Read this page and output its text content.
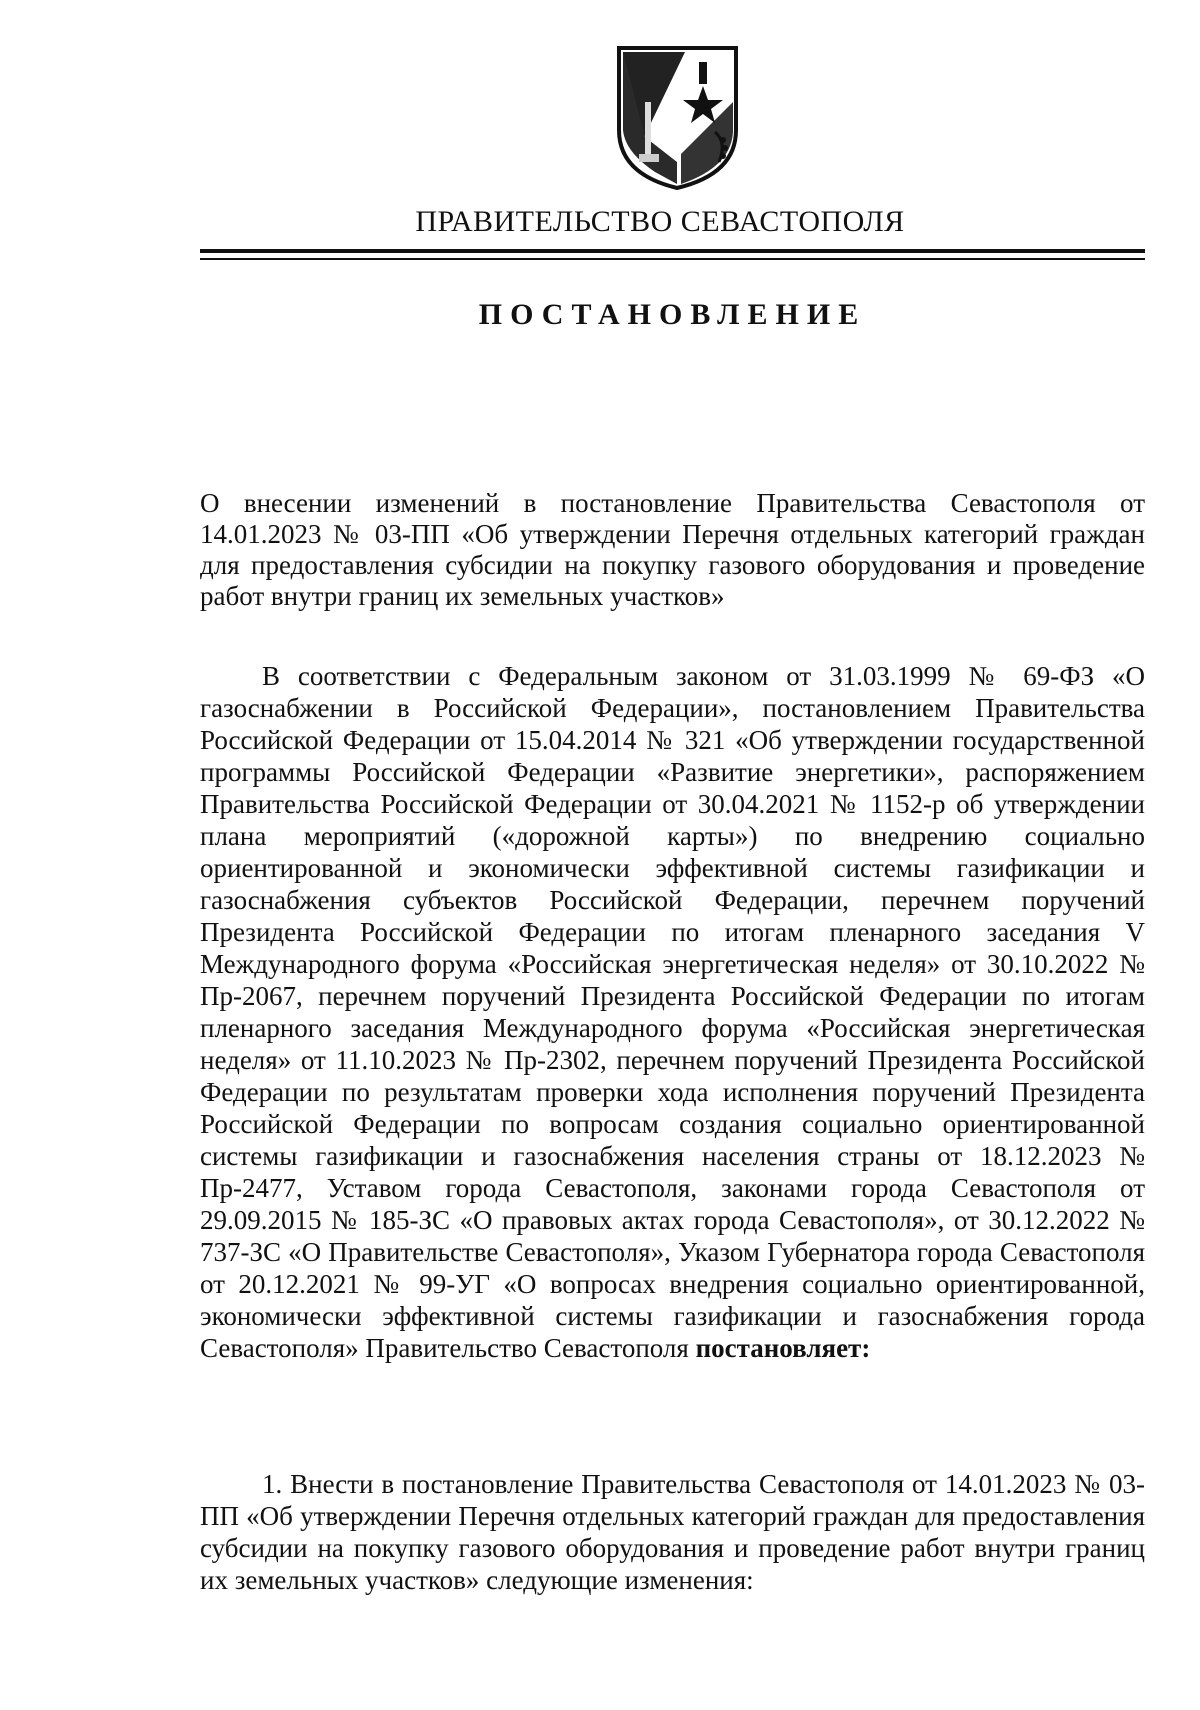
ПРАВИТЕЛЬСТВО СЕВАСТОПОЛЯ
ПОСТАНОВЛЕНИЕ
О внесении изменений в постановление Правительства Севастополя от 14.01.2023 № 03-ПП «Об утверждении Перечня отдельных категорий граждан для предоставления субсидии на покупку газового оборудования и проведение работ внутри границ их земельных участков»
В соответствии с Федеральным законом от 31.03.1999 № 69-ФЗ «О газоснабжении в Российской Федерации», постановлением Правительства Российской Федерации от 15.04.2014 № 321 «Об утверждении государственной программы Российской Федерации «Развитие энергетики», распоряжением Правительства Российской Федерации от 30.04.2021 № 1152-р об утверждении плана мероприятий («дорожной карты») по внедрению социально ориентированной и экономически эффективной системы газификации и газоснабжения субъектов Российской Федерации, перечнем поручений Президента Российской Федерации по итогам пленарного заседания V Международного форума «Российская энергетическая неделя» от 30.10.2022 № Пр-2067, перечнем поручений Президента Российской Федерации по итогам пленарного заседания Международного форума «Российская энергетическая неделя» от 11.10.2023 № Пр-2302, перечнем поручений Президента Российской Федерации по результатам проверки хода исполнения поручений Президента Российской Федерации по вопросам создания социально ориентированной системы газификации и газоснабжения населения страны от 18.12.2023 № Пр-2477, Уставом города Севастополя, законами города Севастополя от 29.09.2015 № 185-ЗС «О правовых актах города Севастополя», от 30.12.2022 № 737-ЗС «О Правительстве Севастополя», Указом Губернатора города Севастополя от 20.12.2021 № 99-УГ «О вопросах внедрения социально ориентированной, экономически эффективной системы газификации и газоснабжения города Севастополя» Правительство Севастополя постановляет:
1. Внести в постановление Правительства Севастополя от 14.01.2023 № 03-ПП «Об утверждении Перечня отдельных категорий граждан для предоставления субсидии на покупку газового оборудования и проведение работ внутри границ их земельных участков» следующие изменения:
